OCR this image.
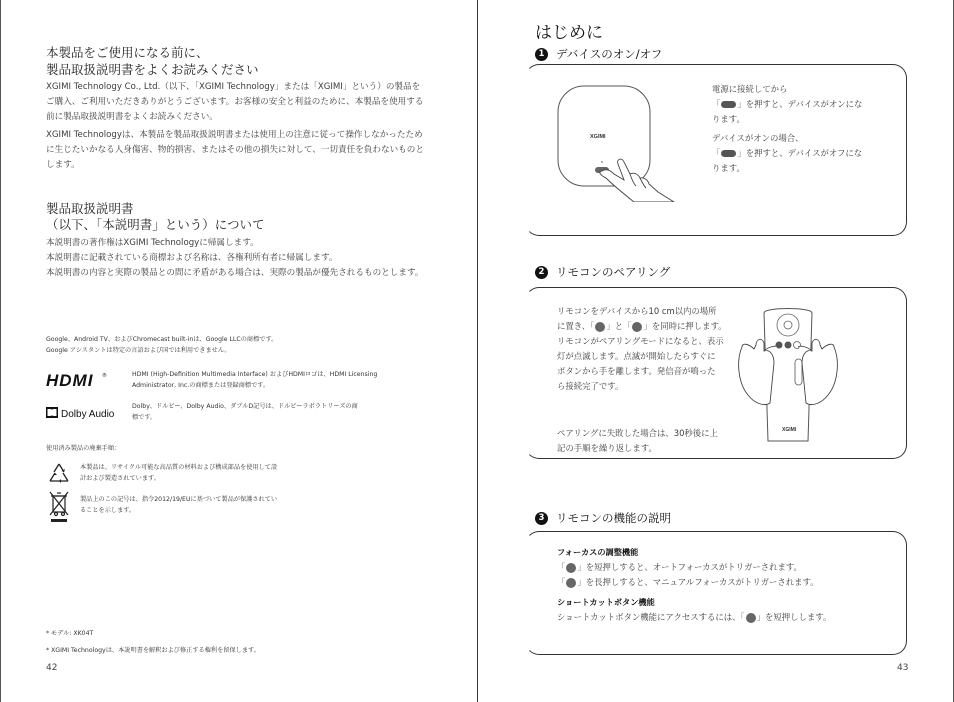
本製品をご使用になる前に、
製品取扱説明書をよくお読みください

XGIMI Technology Co., Ltd.（以下、「XGIMI Technology」または「XGIMI」という）の製品をご購入、ご利用いただきありがとうございます。お客様の安全と利益のために、本製品を使用する前に製品取扱説明書をよくお読みください。

XGIMI Technologyは、本製品を製品取扱説明書または使用上の注意に従って操作しなかったために生じたいかなる人身傷害、物的損害、またはその他の損失に対して、一切責任を負わないものとします。

製品取扱説明書
（以下、「本説明書」という）について
本説明書の著作権はXGIMI Technologyに帰属します。
本説明書に記載されている商標および名称は、各権利所有者に帰属します。
本説明書の内容と実際の製品との間に矛盾がある場合は、実際の製品が優先されるものとします。
Google、Android TV、およびChromecast built-inは、Google LLCの商標です。
Google アシスタントは特定の言語および国では利用できません。
HDMI ®	HDMI (High-Definition Multimedia Interface) およびHDMIロゴは、HDMI Licensing Administrator, Inc.の商標または登録商標です。

Dolby Audio

Dolby、ドルビー、Dolby Audio、ダブルD記号は、ドルビーラボラトリーズの商標です。

使用済み製品の廃棄手順：

本製品は、リサイクル可能な高品質の材料および構成部品を使用して設計および製造されています。

製品上のこの記号は、指令2012/19/EUに基づいて製品が保護されていることを示します。

* モデル: XK04T
* XGIMI Technologyは、本説明書を解釈および修正する権利を留保します。
42
はじめに
1	デバイスのオン/オフ
XGIMI
電源に接続してから
「 」を押すと、デバイスがオンにな
ります。
デバイスがオンの場合、
「 」を押すと、デバイスがオフにな
ります。
2	リモコンのペアリング
リモコンをデバイスから10 cm以内の場所
に置き、「 」と「 」を同時に押します。
リモコンがペアリングモードになると、表示
灯が点滅します。点滅が開始したらすぐに
ボタンから手を離します。発信音が鳴った
ら接続完了です。
ペアリングに失敗した場合は、30秒後に上
記の手順を繰り返します。
XGIMI
3	リモコンの機能の説明
フォーカスの調整機能
「 」を短押しすると、オートフォーカスがトリガーされます。
「 」を長押しすると、マニュアルフォーカスがトリガーされます。
ショートカットボタン機能
ショートカットボタン機能にアクセスするには、「 」を短押しします。
43
